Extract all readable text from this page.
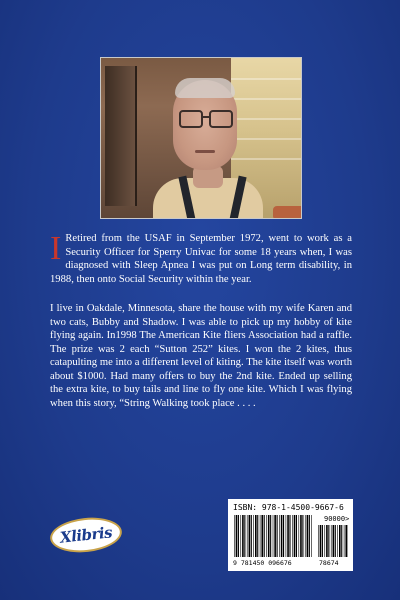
I Retired from the USAF in September 1972, went to work as a Security Officer for Sperry Univac for some 18 years when, I was diagnosed with Sleep Apnea I was put on Long term disability, in 1988, then onto Social Security within the year.
I live in Oakdale, Minnesota, share the house with my wife Karen and two cats, Bubby and Shadow. I was able to pick up my hobby of kite flying again. In1998 The American Kite fliers Association had a raffle. The prize was 2 each “Sutton 252” kites. I won the 2 kites, thus catapulting me into a different level of kiting. The kite itself was worth about $1000. Had many offers to buy the 2nd kite. Ended up selling the extra kite, to buy tails and line to fly one kite. Which I was flying when this story, “String Walking took place . . . .
Xlibris
ISBN: 978-1-4500-9667-6
90000>
9 781450 096676	78674
